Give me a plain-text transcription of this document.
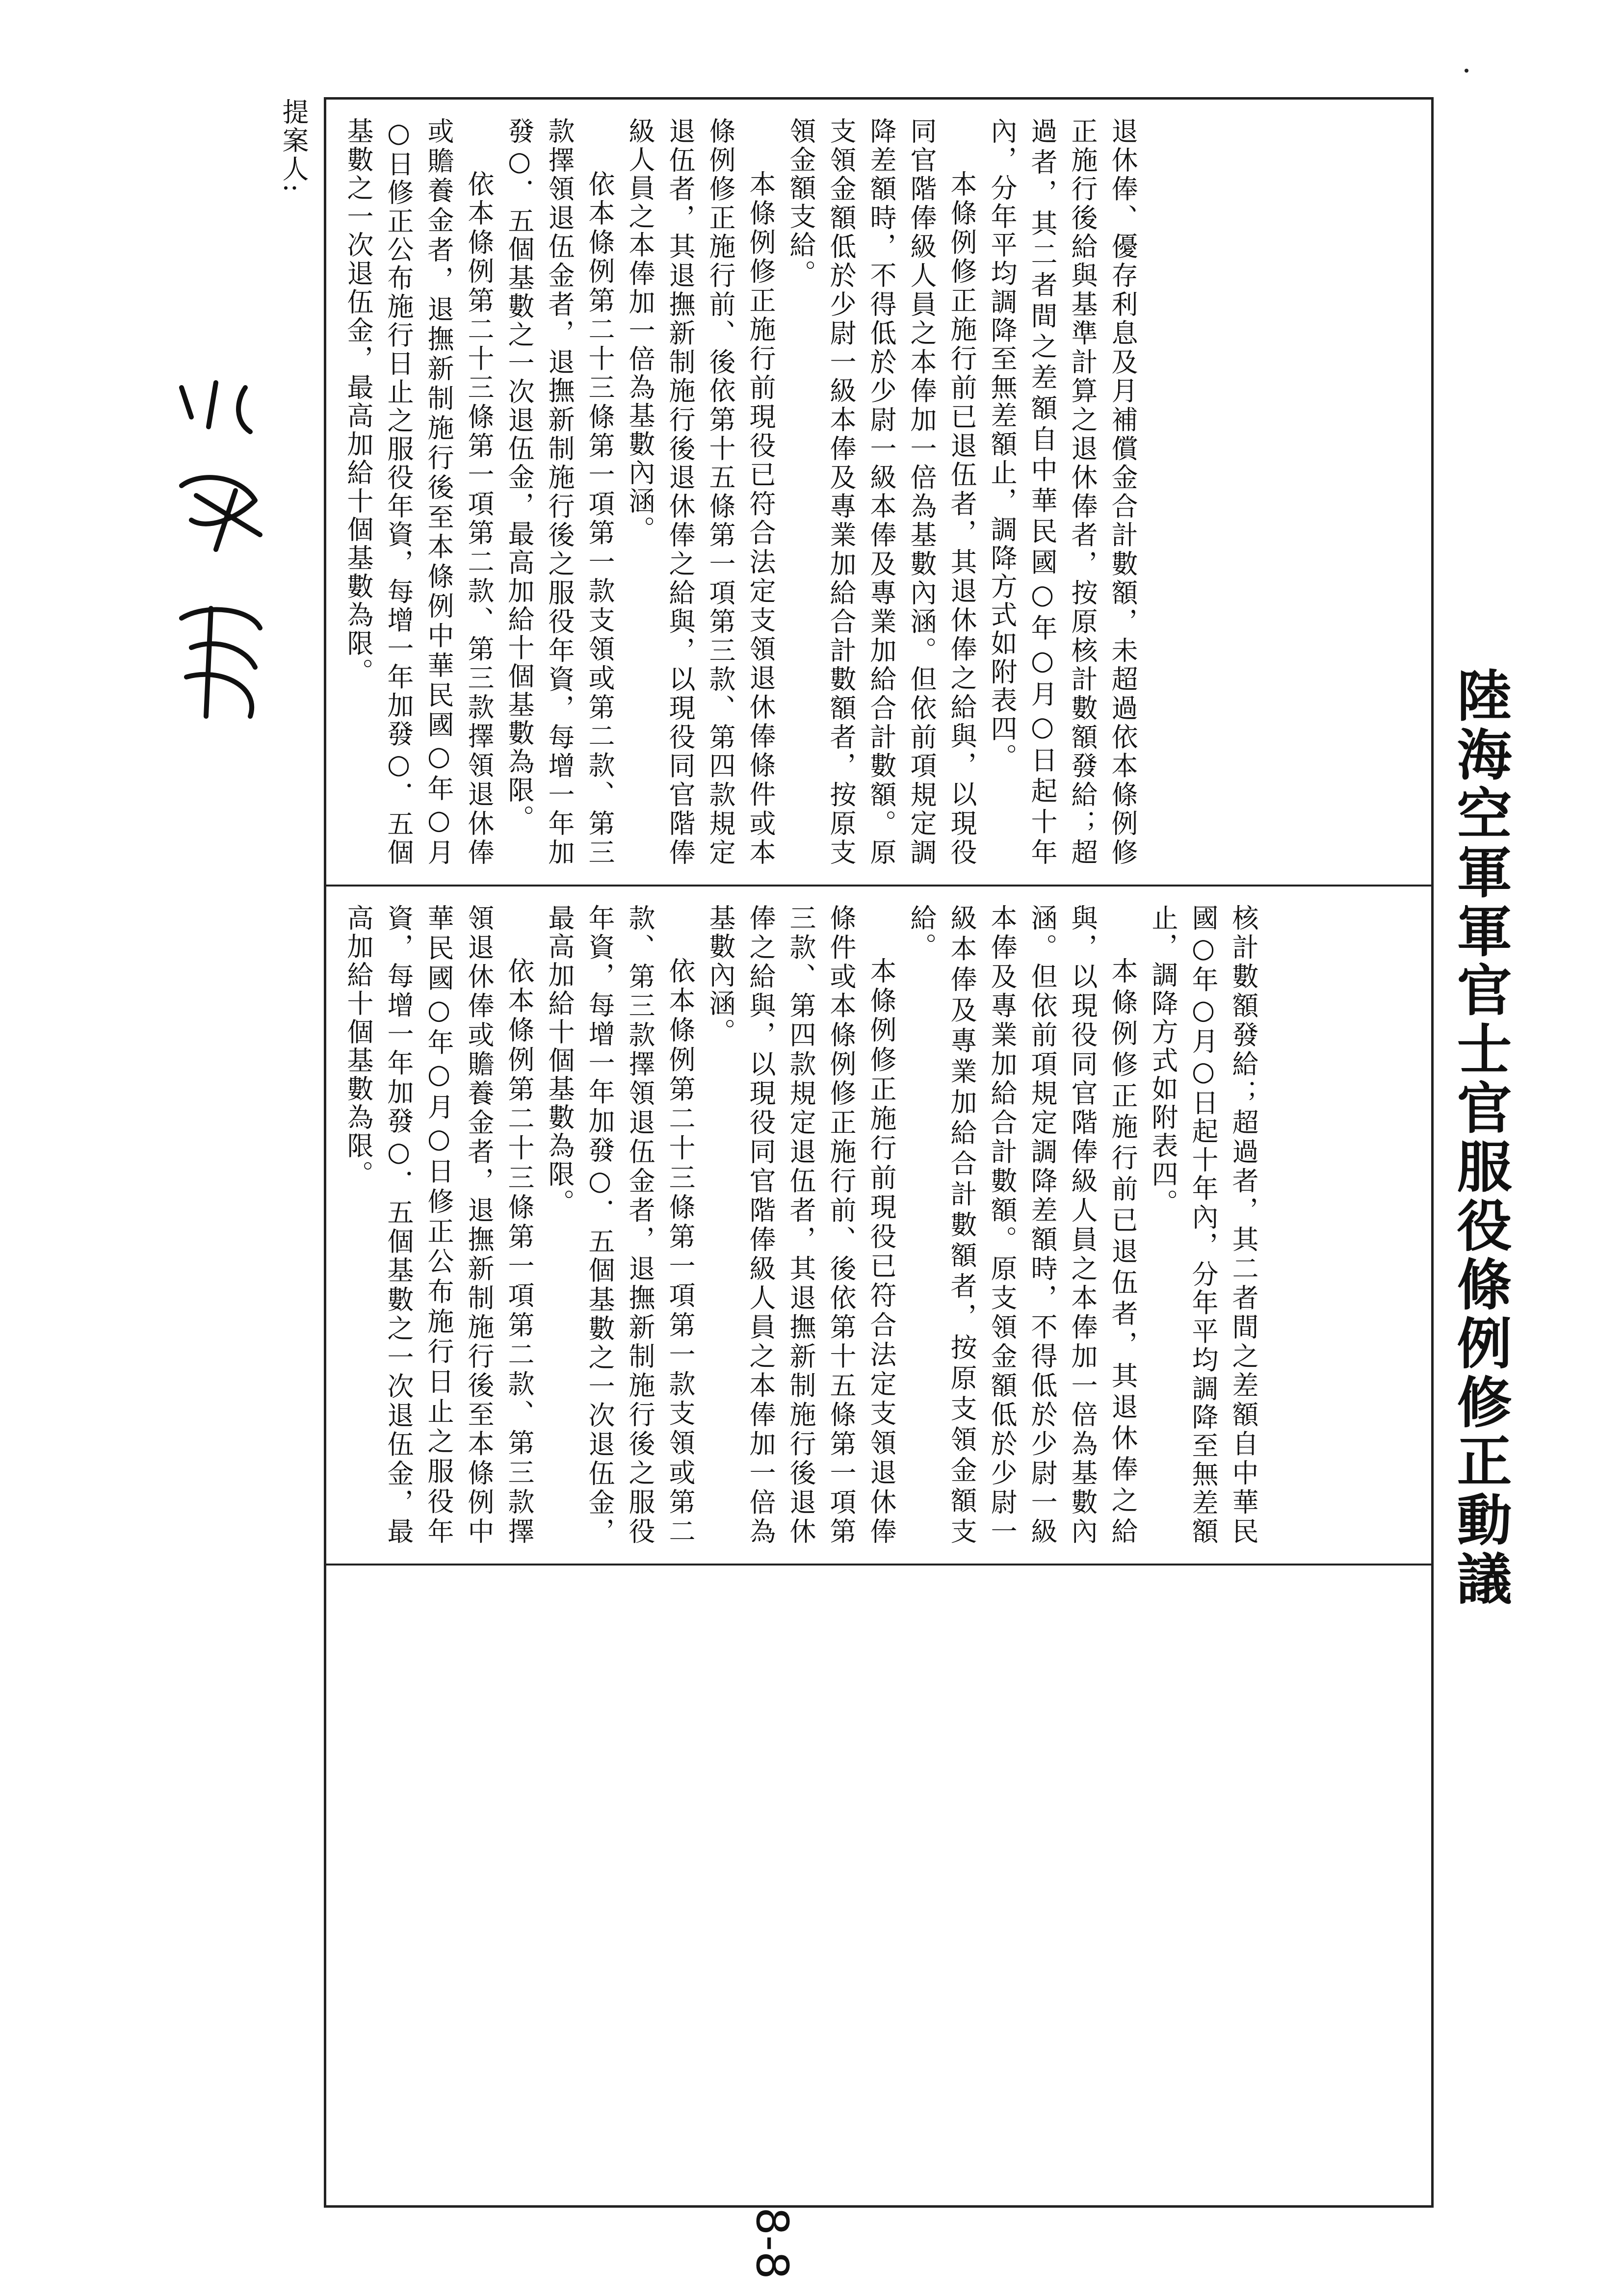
陸海空軍軍官士官服役條例修正動議

退休俸、優存利息及月補償金合計數額，未超過依本條例修正施行後給與基準計算之退休俸者，按原核計數額發給；超過者，其二者間之差額自中華民國○年○月○日起十年內，分年平均調降至無差額止，調降方式如附表四。

本條例修正施行前已退伍者，其退休俸之給與，以現役同官階俸級人員之本俸加一倍為基數內涵。但依前項規定調降差額時，不得低於少尉一級本俸及專業加給合計數額。原支領金額低於少尉一級本俸及專業加給合計數額者，按原支領金額支給。

本條例修正施行前現役已符合法定支領退休俸條件或本條例修正施行前、後依第十五條第一項第三款、第四款規定退伍者，其退撫新制施行後退休俸之給與，以現役同官階俸級人員之本俸加一倍為基數內涵。

依本條例第二十三條第一項第一款支領或第二款、第三款擇領退伍金者，退撫新制施行後之服役年資，每增一年加發○．五個基數之一次退伍金，最高加給十個基數為限。

依本條例第二十三條第一項第二款、第三款擇領退休俸或贍養金者，退撫新制施行後至本條例中華民國○年○月○日修正公布施行日止之服役年資，每增一年加發○．五個基數之一次退伍金，最高加給十個基數為限。

核計數額發給；超過者，其二者間之差額自中華民國○年○月○日起十年內，分年平均調降至無差額止，調降方式如附表四。

本條例修正施行前已退伍者，其退休俸之給與，以現役同官階俸級人員之本俸加一倍為基數內涵。但依前項規定調降差額時，不得低於少尉一級本俸及專業加給合計數額。原支領金額低於少尉一級本俸及專業加給合計數額者，按原支領金額支給。

本條例修正施行前現役已符合法定支領退休俸條件或本條例修正施行前、後依第十五條第一項第三款、第四款規定退伍者，其退撫新制施行後退休俸之給與，以現役同官階俸級人員之本俸加一倍為基數內涵。

依本條例第二十三條第一項第一款支領或第二款、第三款擇領退伍金者，退撫新制施行後之服役年資，每增一年加發○．五個基數之一次退伍金，最高加給十個基數為限。

依本條例第二十三條第一項第二款、第三款擇領退休俸或贍養金者，退撫新制施行後至本條例中華民國○年○月○日修正公布施行日止之服役年資，每增一年加發○．五個基數之一次退伍金，最高加給十個基數為限。

提案人:
8-8
